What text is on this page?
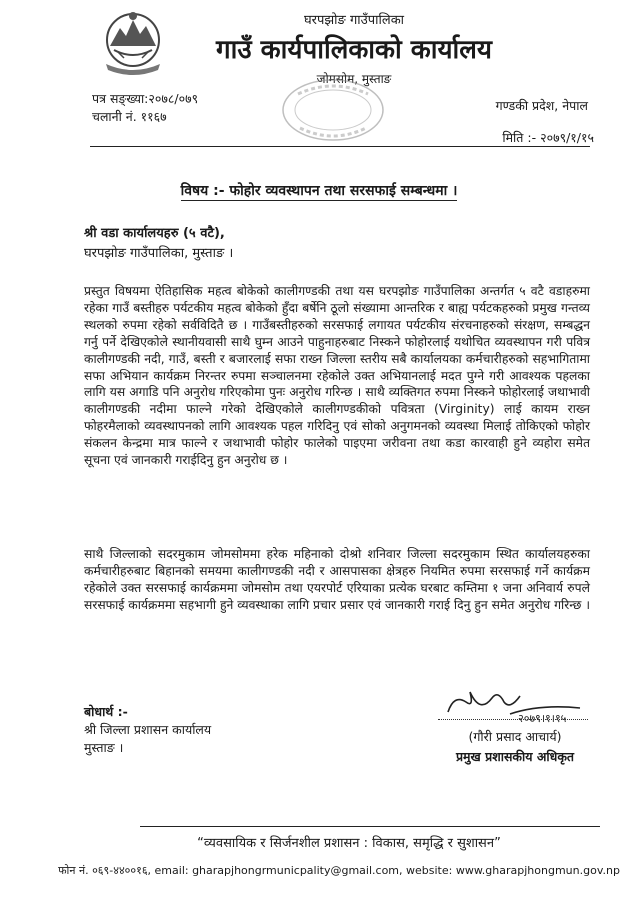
घरपझोङ गाउँपालिका
गाउँ कार्यपालिकाको कार्यालय
जोमसोम, मुस्ताङ
पत्र सङ्ख्या:२०७८/०७९
चलानी नं. ११६७
गण्डकी प्रदेश, नेपाल
मिति :- २०७९/१/१५
विषय :- फोहोर व्यवस्थापन तथा सरसफाई सम्बन्धमा ।
श्री वडा कार्यालयहरु (५ वटै),
घरपझोङ गाउँपालिका, मुस्ताङ ।
प्रस्तुत विषयमा ऐतिहासिक महत्व बोकेको कालीगण्डकी तथा यस घरपझोङ गाउँपालिका अन्तर्गत ५ वटै वडाहरुमा रहेका गाउँ बस्तीहरु पर्यटकीय महत्व बोकेको हुँदा बर्षेनि ठूलो संख्यामा आन्तरिक र बाह्य पर्यटकहरुको प्रमुख गन्तव्य स्थलको रुपमा रहेको सर्वविदितै छ । गाउँबस्तीहरुको सरसफाई लगायत पर्यटकीय संरचनाहरुको संरक्षण, सम्बद्धन गर्नु पर्ने देखिएकोले स्थानीयवासी साथै घुम्न आउने पाहुनाहरुबाट निस्कने फोहोरलाई यथोचित व्यवस्थापन गरी पवित्र कालीगण्डकी नदी, गाउँ, बस्ती र बजारलाई सफा राख्न जिल्ला स्तरीय सबै कार्यालयका कर्मचारीहरुको सहभागितामा सफा अभियान कार्यक्रम निरन्तर रुपमा सञ्चालनमा रहेकोले उक्त अभियानलाई मदत पुग्ने गरी आवश्यक पहलका लागि यस अगाडि पनि अनुरोध गरिएकोमा पुनः अनुरोध गरिन्छ । साथै व्यक्तिगत रुपमा निस्कने फोहोरलाई जथाभावी कालीगण्डकी नदीमा फाल्ने गरेको देखिएकोले कालीगण्डकीको पवित्रता (Virginity) लाई कायम राख्न फोहरमैलाको व्यवस्थापनको लागि आवश्यक पहल गरिदिनु एवं सोको अनुगमनको व्यवस्था मिलाई तोकिएको फोहोर संकलन केन्द्रमा मात्र फाल्ने र जथाभावी फोहोर फालेको पाइएमा जरीवना तथा कडा कारवाही हुने व्यहोरा समेत सूचना एवं जानकारी गराईदिनु हुन अनुरोध छ ।
साथै जिल्लाको सदरमुकाम जोमसोममा हरेक महिनाको दोश्रो शनिवार जिल्ला सदरमुकाम स्थित कार्यालयहरुका कर्मचारीहरुबाट बिहानको समयमा कालीगण्डकी नदी र आसपासका क्षेत्रहरु नियमित रुपमा सरसफाई गर्ने कार्यक्रम रहेकोले उक्त सरसफाई कार्यक्रममा जोमसोम तथा एयरपोर्ट एरियाका प्रत्येक घरबाट कम्तिमा १ जना अनिवार्य रुपले सरसफाई कार्यक्रममा सहभागी हुने व्यवस्थाका लागि प्रचार प्रसार एवं जानकारी गराई दिनु हुन समेत अनुरोध गरिन्छ ।
२०७९।१।१५
(गौरी प्रसाद आचार्य)
प्रमुख प्रशासकीय अधिकृत
बोधार्थ :-
श्री जिल्ला प्रशासन कार्यालय
मुस्ताङ ।
“व्यवसायिक र सिर्जनशील प्रशासन : विकास, समृद्धि र सुशासन”
फोन नं. ०६९-४४००१६, email: gharapjhongrmunicpality@gmail.com, website: www.gharapjhongmun.gov.np
